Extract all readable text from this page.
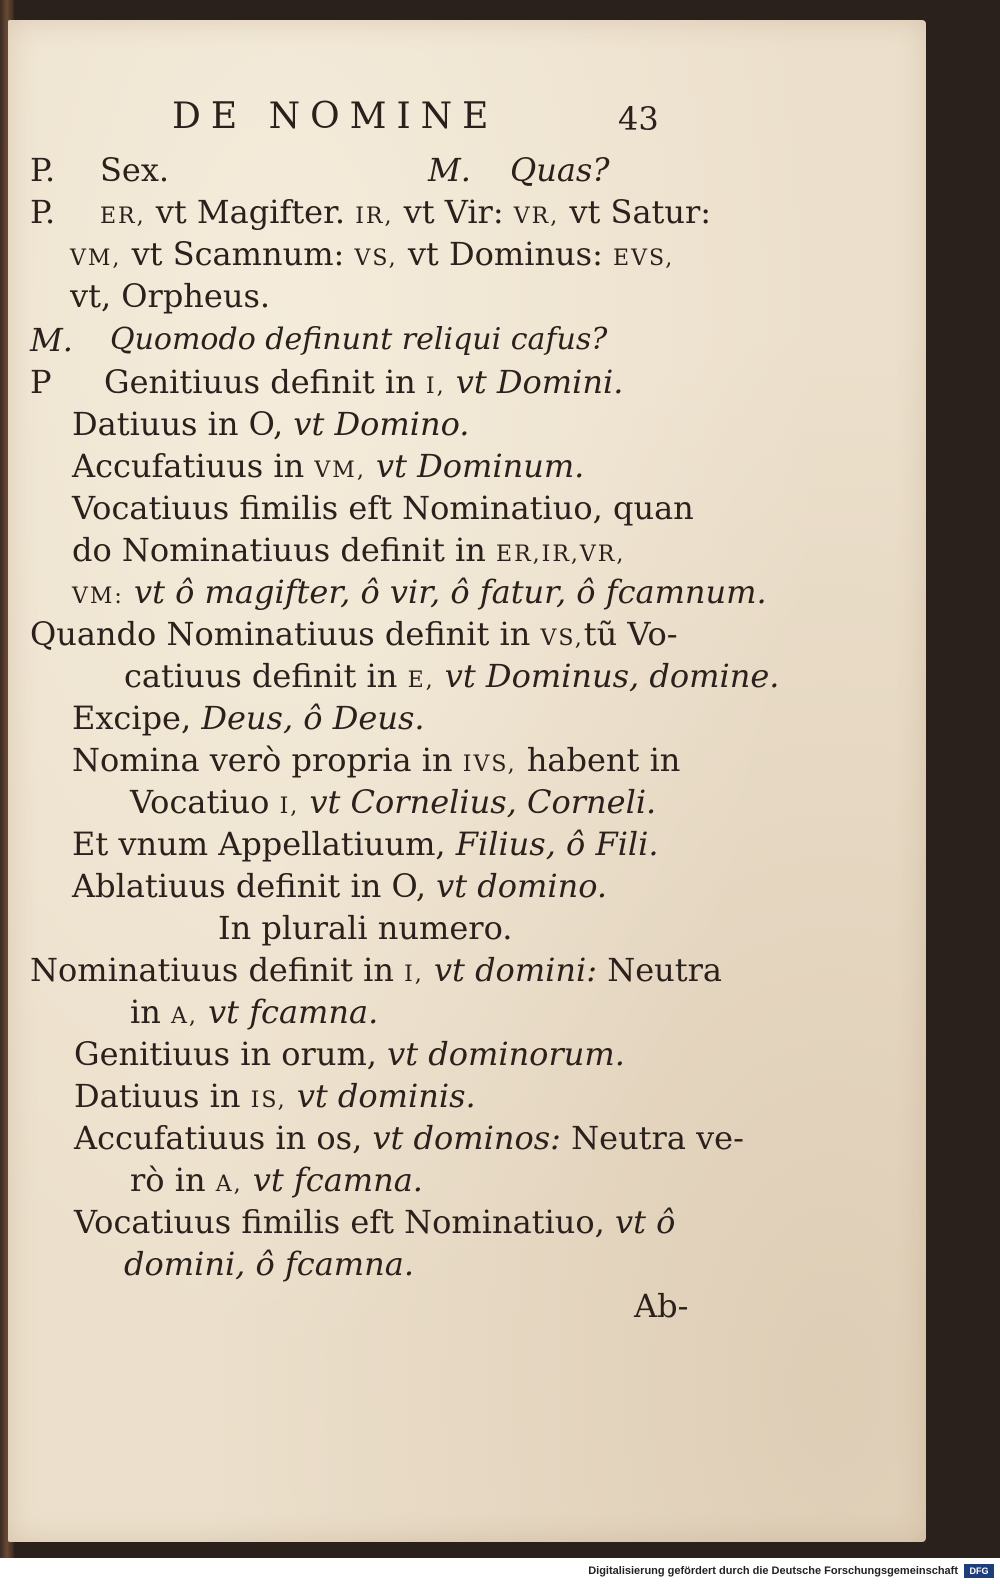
DE NOMINE	43
P. Sex.	M. Quas?
P. ER, vt Magifter. IR, vt Vir: VR, vt Satur:
VM, vt Scamnum: VS, vt Dominus: EVS,
vt, Orpheus.
M. Quomodo definunt reliqui cafus?
P Genitiuus definit in I, vt Domini.
Datiuus in O, vt Domino.
Accufatiuus in VM, vt Dominum.
Vocatiuus fimilis eft Nominatiuo, quan
do Nominatiuus definit in ER,IR,VR,
VM: vt ô magifter, ô vir, ô fatur, ô fcamnum.
Quando Nominatiuus definit in VS,tũ Vo-
catiuus definit in E, vt Dominus, domine.
Excipe, Deus, ô Deus.
Nomina verò propria in IVS, habent in
Vocatiuo I, vt Cornelius, Corneli.
Et vnum Appellatiuum, Filius, ô Fili.
Ablatiuus definit in O, vt domino.
In plurali numero.
Nominatiuus definit in I, vt domini: Neutra
in A, vt fcamna.
Genitiuus in orum, vt dominorum.
Datiuus in IS, vt dominis.
Accufatiuus in os, vt dominos: Neutra ve-
rò in A, vt fcamna.
Vocatiuus fimilis eft Nominatiuo, vt ô
domini, ô fcamna.
Ab-
Digitalisierung gefördert durch die Deutsche Forschungsgemeinschaft	DFG
